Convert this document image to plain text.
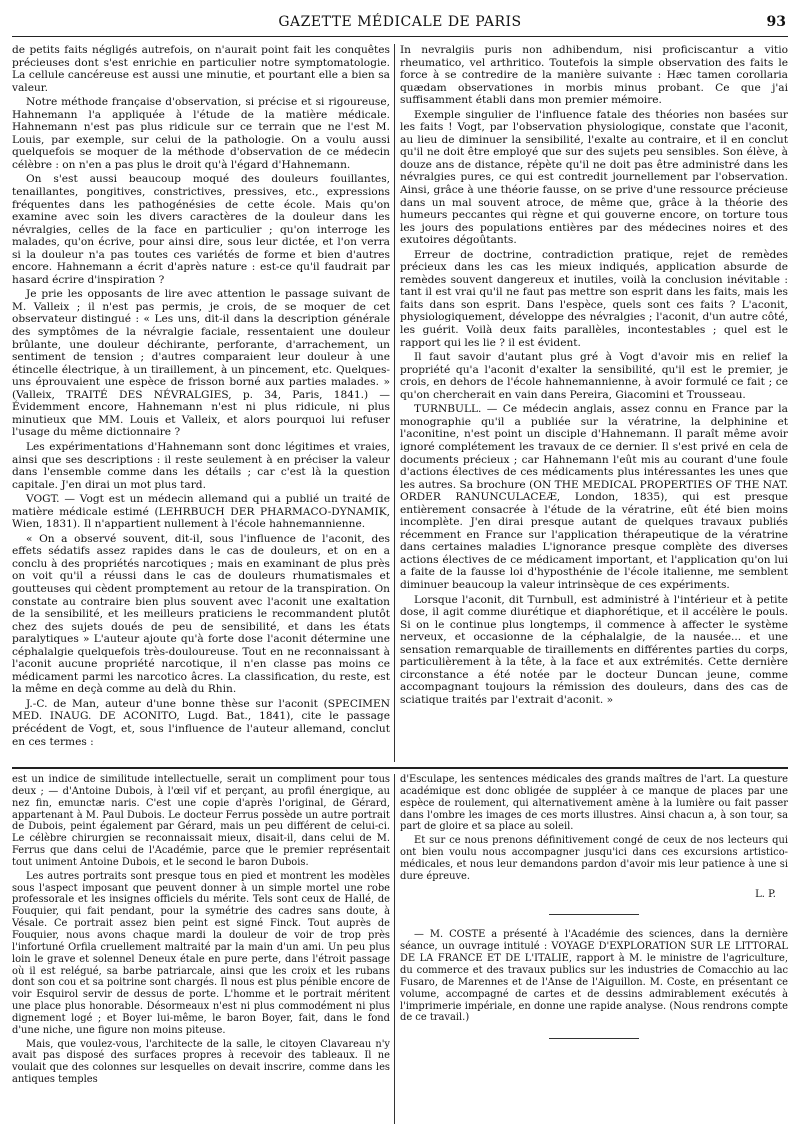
GAZETTE MÉDICALE DE PARIS	93

de petits faits négligés autrefois, on n'aurait point fait les conquêtes précieuses dont s'est enrichie en particulier notre symptomatologie. La cellule cancéreuse est aussi une minutie, et pourtant elle a bien sa valeur.

Notre méthode française d'observation, si précise et si rigoureuse, Hahnemann l'a appliquée à l'étude de la matière médicale. Hahnemann n'est pas plus ridicule sur ce terrain que ne l'est M. Louis, par exemple, sur celui de la pathologie. On a voulu aussi quelquefois se moquer de la méthode d'observation de ce médecin célèbre : on n'en a pas plus le droit qu'à l'égard d'Hahnemann.

On s'est aussi beaucoup moqué des douleurs fouillantes, tenaillantes, pongitives, constrictives, pressives, etc., expressions fréquentes dans les pathogénésies de cette école. Mais qu'on examine avec soin les divers caractères de la douleur dans les névralgies, celles de la face en particulier ; qu'on interroge les malades, qu'on écrive, pour ainsi dire, sous leur dictée, et l'on verra si la douleur n'a pas toutes ces variétés de forme et bien d'autres encore. Hahnemann a écrit d'après nature : est-ce qu'il faudrait par hasard écrire d'inspiration ?

Je prie les opposants de lire avec attention le passage suivant de M. Valleix ; il n'est pas permis, je crois, de se moquer de cet observateur distingué : « Les uns, dit-il dans la description générale des symptômes de la névralgie faciale, ressentaient une douleur brûlante, une douleur déchirante, perforante, d'arrachement, un sentiment de tension ; d'autres comparaient leur douleur à une étincelle électrique, à un tiraillement, à un pincement, etc. Quelques-uns éprouvaient une espèce de frisson borné aux parties malades. » (Valleix, TRAITÉ DES NÉVRALGIES, p. 34, Paris, 1841.) — Évidemment encore, Hahnemann n'est ni plus ridicule, ni plus minutieux que MM. Louis et Valleix, et alors pourquoi lui refuser l'usage du même dictionnaire ?

Les expérimentations d'Hahnemann sont donc légitimes et vraies, ainsi que ses descriptions : il reste seulement à en préciser la valeur dans l'ensemble comme dans les détails ; car c'est là la question capitale. J'en dirai un mot plus tard.

VOGT. — Vogt est un médecin allemand qui a publié un traité de matière médicale estimé (LEHRBUCH DER PHARMACO-DYNAMIK, Wien, 1831). Il n'appartient nullement à l'école hahnemannienne.

« On a observé souvent, dit-il, sous l'influence de l'aconit, des effets sédatifs assez rapides dans le cas de douleurs, et on en a conclu à des propriétés narcotiques ; mais en examinant de plus près on voit qu'il a réussi dans le cas de douleurs rhumatismales et goutteuses qui cèdent promptement au retour de la transpiration. On constate au contraire bien plus souvent avec l'aconit une exaltation de la sensibilité, et les meilleurs praticiens le recommandent plutôt chez des sujets doués de peu de sensibilité, et dans les états paralytiques » L'auteur ajoute qu'à forte dose l'aconit détermine une céphalalgie quelquefois très-douloureuse. Tout en ne reconnaissant à l'aconit aucune propriété narcotique, il n'en classe pas moins ce médicament parmi les narcotico âcres. La classification, du reste, est la même en deçà comme au delà du Rhin.

J.-C. de Man, auteur d'une bonne thèse sur l'aconit (SPECIMEN MED. INAUG. DE ACONITO, Lugd. Bat., 1841), cite le passage précédent de Vogt, et, sous l'influence de l'auteur allemand, conclut en ces termes :

In nevralgiis puris non adhibendum, nisi proficiscantur a vitio rheumatico, vel arthritico. Toutefois la simple observation des faits le force à se contredire de la manière suivante : Hæc tamen corollaria quædam observationes in morbis minus probant. Ce que j'ai suffisamment établi dans mon premier mémoire.

Exemple singulier de l'influence fatale des théories non basées sur les faits ! Vogt, par l'observation physiologique, constate que l'aconit, au lieu de diminuer la sensibilité, l'exalte au contraire, et il en conclut qu'il ne doit être employé que sur des sujets peu sensibles. Son élève, à douze ans de distance, répète qu'il ne doit pas être administré dans les névralgies pures, ce qui est contredit journellement par l'observation. Ainsi, grâce à une théorie fausse, on se prive d'une ressource précieuse dans un mal souvent atroce, de même que, grâce à la théorie des humeurs peccantes qui règne et qui gouverne encore, on torture tous les jours des populations entières par des médecines noires et des exutoires dégoûtants.

Erreur de doctrine, contradiction pratique, rejet de remèdes précieux dans les cas les mieux indiqués, application absurde de remèdes souvent dangereux et inutiles, voilà la conclusion inévitable : tant il est vrai qu'il ne faut pas mettre son esprit dans les faits, mais les faits dans son esprit. Dans l'espèce, quels sont ces faits ? L'aconit, physiologiquement, développe des névralgies ; l'aconit, d'un autre côté, les guérit. Voilà deux faits parallèles, incontestables ; quel est le rapport qui les lie ? il est évident.

Il faut savoir d'autant plus gré à Vogt d'avoir mis en relief la propriété qu'a l'aconit d'exalter la sensibilité, qu'il est le premier, je crois, en dehors de l'école hahnemannienne, à avoir formulé ce fait ; ce qu'on chercherait en vain dans Pereira, Giacomini et Trousseau.

TURNBULL. — Ce médecin anglais, assez connu en France par la monographie qu'il a publiée sur la vératrine, la delphinine et l'aconitine, n'est point un disciple d'Hahnemann. Il paraît même avoir ignoré complétement les travaux de ce dernier. Il s'est privé en cela de documents précieux ; car Hahnemann l'eût mis au courant d'une foule d'actions électives de ces médicaments plus intéressantes les unes que les autres. Sa brochure (ON THE MEDICAL PROPERTIES OF THE NAT. ORDER RANUNCULACEÆ, London, 1835), qui est presque entièrement consacrée à l'étude de la vératrine, eût été bien moins incomplète. J'en dirai presque autant de quelques travaux publiés récemment en France sur l'application thérapeutique de la vératrine dans certaines maladies L'ignorance presque complète des diverses actions électives de ce médicament important, et l'application qu'on lui a faite de la fausse loi d'hyposthénie de l'école italienne, me semblent diminuer beaucoup la valeur intrinsèque de ces expériments.

Lorsque l'aconit, dit Turnbull, est administré à l'intérieur et à petite dose, il agit comme diurétique et diaphorétique, et il accélère le pouls. Si on le continue plus longtemps, il commence à affecter le système nerveux, et occasionne de la céphalalgie, de la nausée... et une sensation remarquable de tiraillements en différentes parties du corps, particulièrement à la tête, à la face et aux extrémités. Cette dernière circonstance a été notée par le docteur Duncan jeune, comme accompagnant toujours la rémission des douleurs, dans des cas de sciatique traités par l'extrait d'aconit. »

est un indice de similitude intellectuelle, serait un compliment pour tous deux ; — d'Antoine Dubois, à l'œil vif et perçant, au profil énergique, au nez fin, emunctæ naris. C'est une copie d'après l'original, de Gérard, appartenant à M. Paul Dubois. Le docteur Ferrus possède un autre portrait de Dubois, peint également par Gérard, mais un peu différent de celui-ci. Le célèbre chirurgien se reconnaissait mieux, disait-il, dans celui de M. Ferrus que dans celui de l'Académie, parce que le premier représentait tout uniment Antoine Dubois, et le second le baron Dubois.

Les autres portraits sont presque tous en pied et montrent les modèles sous l'aspect imposant que peuvent donner à un simple mortel une robe professorale et les insignes officiels du mérite. Tels sont ceux de Hallé, de Fouquier, qui fait pendant, pour la symétrie des cadres sans doute, à Vésale. Ce portrait assez bien peint est signé Finck. Tout auprès de Fouquier, nous avons chaque mardi la douleur de voir de trop près l'infortuné Orfila cruellement maltraité par la main d'un ami. Un peu plus loin le grave et solennel Deneux étale en pure perte, dans l'étroit passage où il est relégué, sa barbe patriarcale, ainsi que les croix et les rubans dont son cou et sa poitrine sont chargés. Il nous est plus pénible encore de voir Esquirol servir de dessus de porte. L'homme et le portrait méritent une place plus honorable. Désormeaux n'est ni plus commodément ni plus dignement logé ; et Boyer lui-même, le baron Boyer, fait, dans le fond d'une niche, une figure non moins piteuse.

Mais, que voulez-vous, l'architecte de la salle, le citoyen Clavareau n'y avait pas disposé des surfaces propres à recevoir des tableaux. Il ne voulait que des colonnes sur lesquelles on devait inscrire, comme dans les antiques temples

d'Esculape, les sentences médicales des grands maîtres de l'art. La questure académique est donc obligée de suppléer à ce manque de places par une espèce de roulement, qui alternativement amène à la lumière ou fait passer dans l'ombre les images de ces morts illustres. Ainsi chacun a, à son tour, sa part de gloire et sa place au soleil.

Et sur ce nous prenons définitivement congé de ceux de nos lecteurs qui ont bien voulu nous accompagner jusqu'ici dans ces excursions artistico-médicales, et nous leur demandons pardon d'avoir mis leur patience à une si dure épreuve.

L. P.

— M. COSTE a présenté à l'Académie des sciences, dans la dernière séance, un ouvrage intitulé : VOYAGE D'EXPLORATION SUR LE LITTORAL DE LA FRANCE ET DE L'ITALIE, rapport à M. le ministre de l'agriculture, du commerce et des travaux publics sur les industries de Comacchio au lac Fusaro, de Marennes et de l'Anse de l'Aiguillon. M. Coste, en présentant ce volume, accompagné de cartes et de dessins admirablement exécutés à l'imprimerie impériale, en donne une rapide analyse. (Nous rendrons compte de ce travail.)
